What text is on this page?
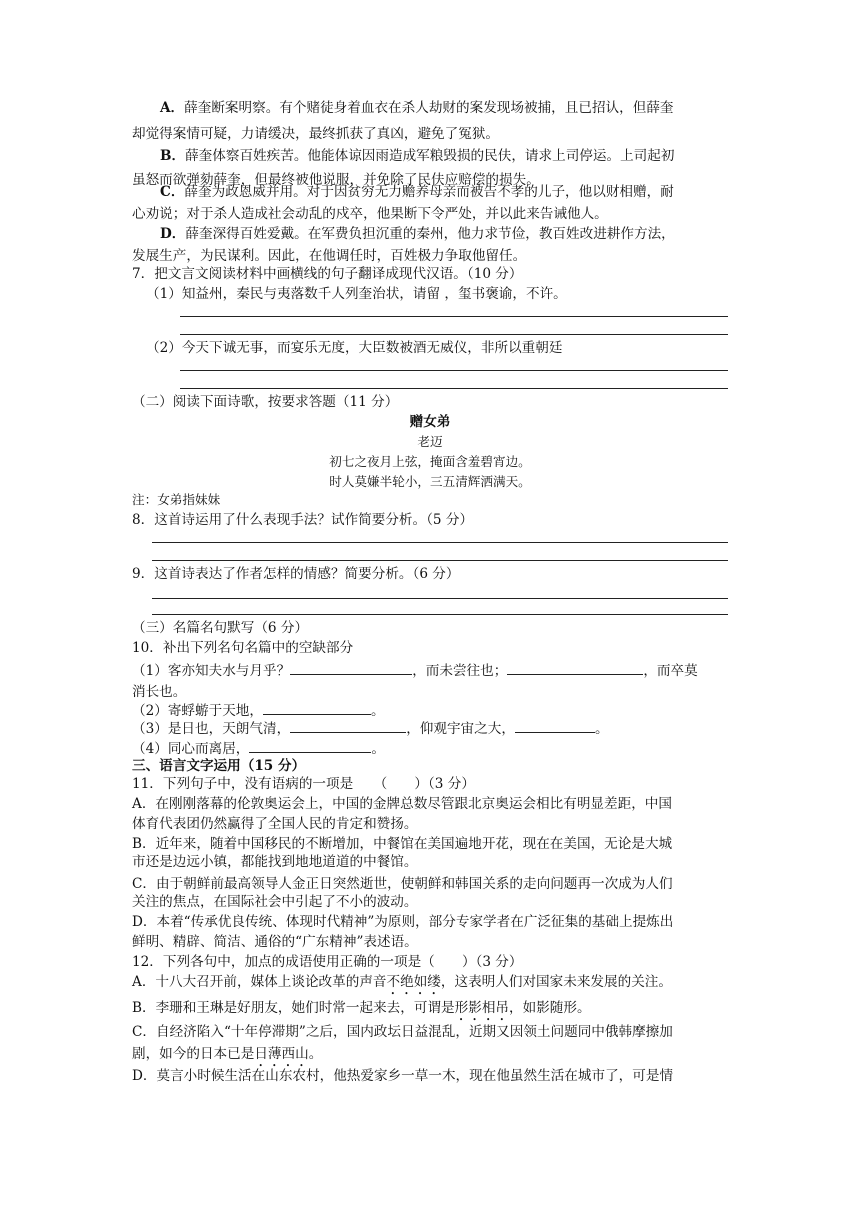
A．薛奎断案明察。有个赌徒身着血衣在杀人劫财的案发现场被捕，且已招认，但薛奎
却觉得案情可疑，力请缓决，最终抓获了真凶，避免了冤狱。
B．薛奎体察百姓疾苦。他能体谅因雨造成军粮毁损的民伕，请求上司停运。上司起初
虽怒而欲弹劾薛奎，但最终被他说服，并免除了民伕应赔偿的损失。
C．薛奎为政恩威并用。对于因贫穷无力赡养母亲而被告不孝的儿子，他以财相赠，耐
心劝说；对于杀人造成社会动乱的戍卒，他果断下令严处，并以此来告诫他人。
D．薛奎深得百姓爱戴。在军费负担沉重的秦州，他力求节俭，教百姓改进耕作方法，
发展生产，为民谋利。因此，在他调任时，百姓极力争取他留任。
7．把文言文阅读材料中画横线的句子翻译成现代汉语。（10 分）
（1）知益州，秦民与夷落数千人列奎治状，请留 ，玺书褒谕，不许。
（2）今天下诚无事，而宴乐无度，大臣数被酒无威仪，非所以重朝廷
（二）阅读下面诗歌，按要求答题（11 分）
赠女弟
老迈
初七之夜月上弦，掩面含羞碧宵边。
时人莫嫌半轮小，三五清辉洒满天。
注：女弟指妹妹
8．这首诗运用了什么表现手法？试作简要分析。（5 分）
9．这首诗表达了作者怎样的情感？简要分析。（6 分）
（三）名篇名句默写（6 分）
10．补出下列名句名篇中的空缺部分
（1）客亦知夫水与月乎？	，而未尝往也；	，而卒莫
消长也。
（2）寄蜉蝣于天地，	。
（3）是日也，天朗气清，	，仰观宇宙之大，	。
（4）同心而离居，	。
三、语言文字运用（15 分）
11．下列句子中，没有语病的一项是　　（　　）（3 分）
A．在刚刚落幕的伦敦奥运会上，中国的金牌总数尽管跟北京奥运会相比有明显差距，中国
体育代表团仍然赢得了全国人民的肯定和赞扬。
B．近年来，随着中国移民的不断增加，中餐馆在美国遍地开花，现在在美国，无论是大城
市还是边远小镇，都能找到地地道道的中餐馆。
C．由于朝鲜前最高领导人金正日突然逝世，使朝鲜和韩国关系的走向问题再一次成为人们
关注的焦点，在国际社会中引起了不小的波动。
D．本着“传承优良传统、体现时代精神”为原则，部分专家学者在广泛征集的基础上提炼出
鲜明、精辟、简洁、通俗的“广东精神”表述语。
12．下列各句中，加点的成语使用正确的一项是（　　）（3 分）
A．十八大召开前，媒体上谈论改革的声音不绝如缕，这表明人们对国家未来发展的关注。
B．李珊和王琳是好朋友，她们时常一起来去，可谓是形影相吊，如影随形。
C．自经济陷入“十年停滞期”之后，国内政坛日益混乱，近期又因领土问题同中俄韩摩擦加
剧，如今的日本已是日薄西山。
D．莫言小时候生活在山东农村，他热爱家乡一草一木，现在他虽然生活在城市了，可是情
